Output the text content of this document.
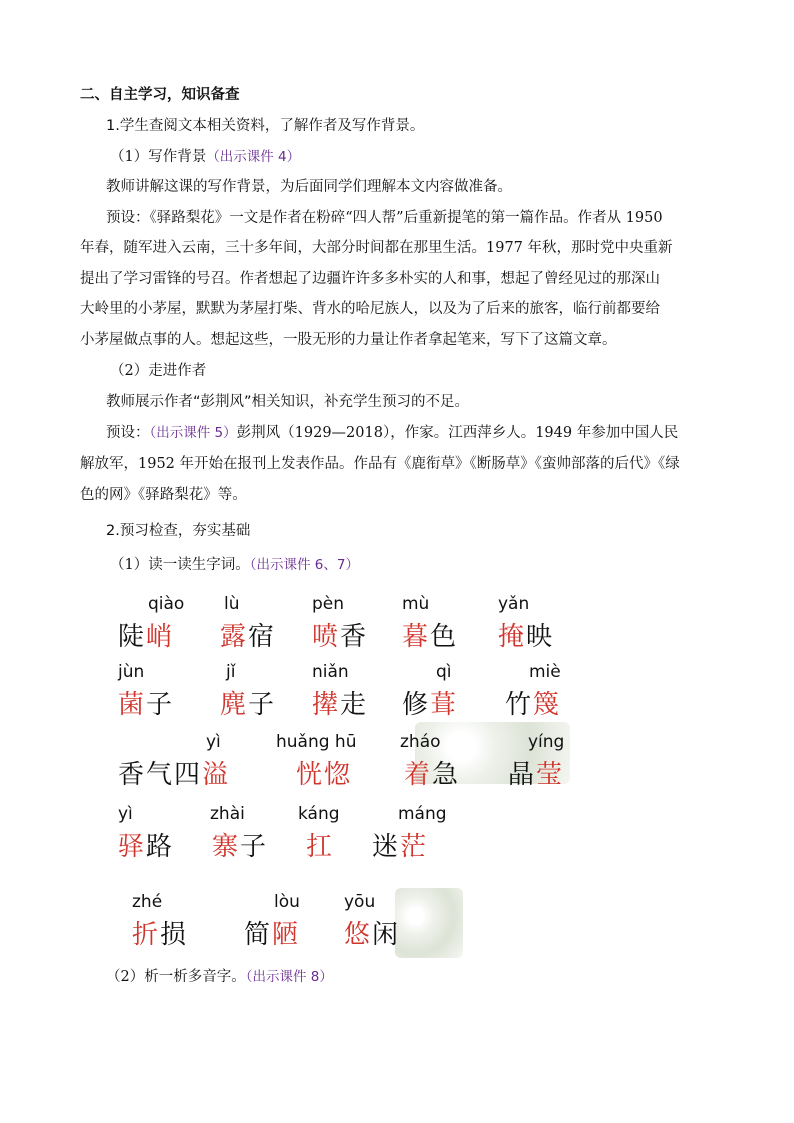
二、自主学习，知识备查
1.学生查阅文本相关资料，了解作者及写作背景。
（1）写作背景（出示课件 4）
教师讲解这课的写作背景，为后面同学们理解本文内容做准备。
预设：《驿路梨花》一文是作者在粉碎“四人帮”后重新提笔的第一篇作品。作者从 1950
年春，随军进入云南，三十多年间，大部分时间都在那里生活。1977 年秋，那时党中央重新
提出了学习雷锋的号召。作者想起了边疆许许多多朴实的人和事，想起了曾经见过的那深山
大岭里的小茅屋，默默为茅屋打柴、背水的哈尼族人，以及为了后来的旅客，临行前都要给
小茅屋做点事的人。想起这些，一股无形的力量让作者拿起笔来，写下了这篇文章。
（2）走进作者
教师展示作者“彭荆风”相关知识，补充学生预习的不足。
预设：（出示课件 5）彭荆风（1929—2018），作家。江西萍乡人。1949 年参加中国人民
解放军，1952 年开始在报刊上发表作品。作品有《鹿衔草》《断肠草》《蛮帅部落的后代》《绿
色的网》《驿路梨花》等。
2.预习检查，夯实基础
（1）读一读生字词。（出示课件 6、7）
qiào
陡峭
lù
露宿
pèn
喷香
mù
暮色
yǎn
掩映
jùn
菌子
jǐ
麂子
niǎn
撵走
qì
修葺
miè
竹篾
yì
香气四溢
huǎng hū
恍惚
zháo
着急
yíng
晶莹
yì
驿路
zhài
寨子
káng
扛
máng
迷茫
zhé
折损
lòu
简陋
yōu
悠闲
（2）析一析多音字。（出示课件 8）
